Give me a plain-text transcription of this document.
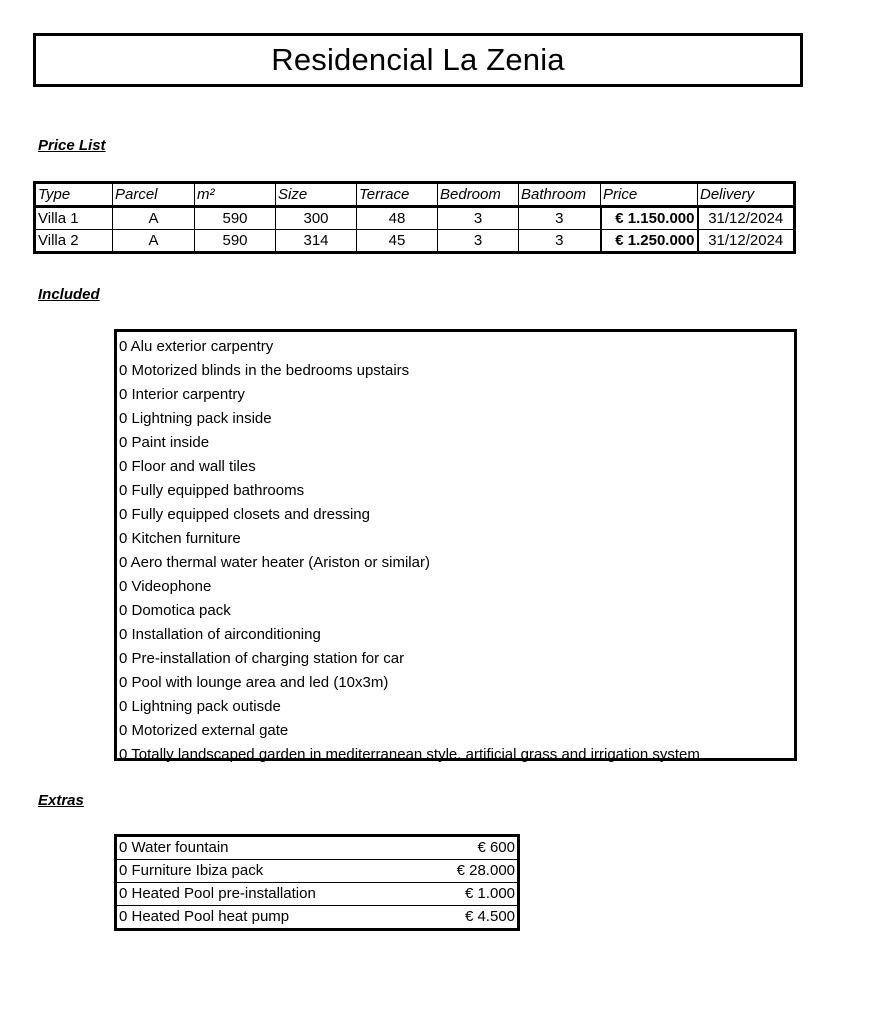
Residencial La Zenia
Price List
Type	Parcel	m²	Size	Terrace	Bedroom	Bathroom	Price	Delivery
Villa 1	A	590	300	48	3	3	€ 1.150.000	31/12/2024
Villa 2	A	590	314	45	3	3	€ 1.250.000	31/12/2024
Included
0 Alu exterior carpentry
0 Motorized blinds in the bedrooms upstairs
0 Interior carpentry
0 Lightning pack inside
0 Paint inside
0 Floor and wall tiles
0 Fully equipped bathrooms
0 Fully equipped closets and dressing
0 Kitchen furniture
0 Aero thermal water heater (Ariston or similar)
0 Videophone
0 Domotica pack
0 Installation of airconditioning
0 Pre-installation of charging station for car
0 Pool with lounge area and led (10x3m)
0 Lightning pack outisde
0 Motorized external gate
0 Totally landscaped garden in mediterranean style, artificial grass and irrigation system
Extras
0 Water fountain	€ 600
0 Furniture Ibiza pack	€ 28.000
0 Heated Pool pre-installation	€ 1.000
0 Heated Pool heat pump	€ 4.500
